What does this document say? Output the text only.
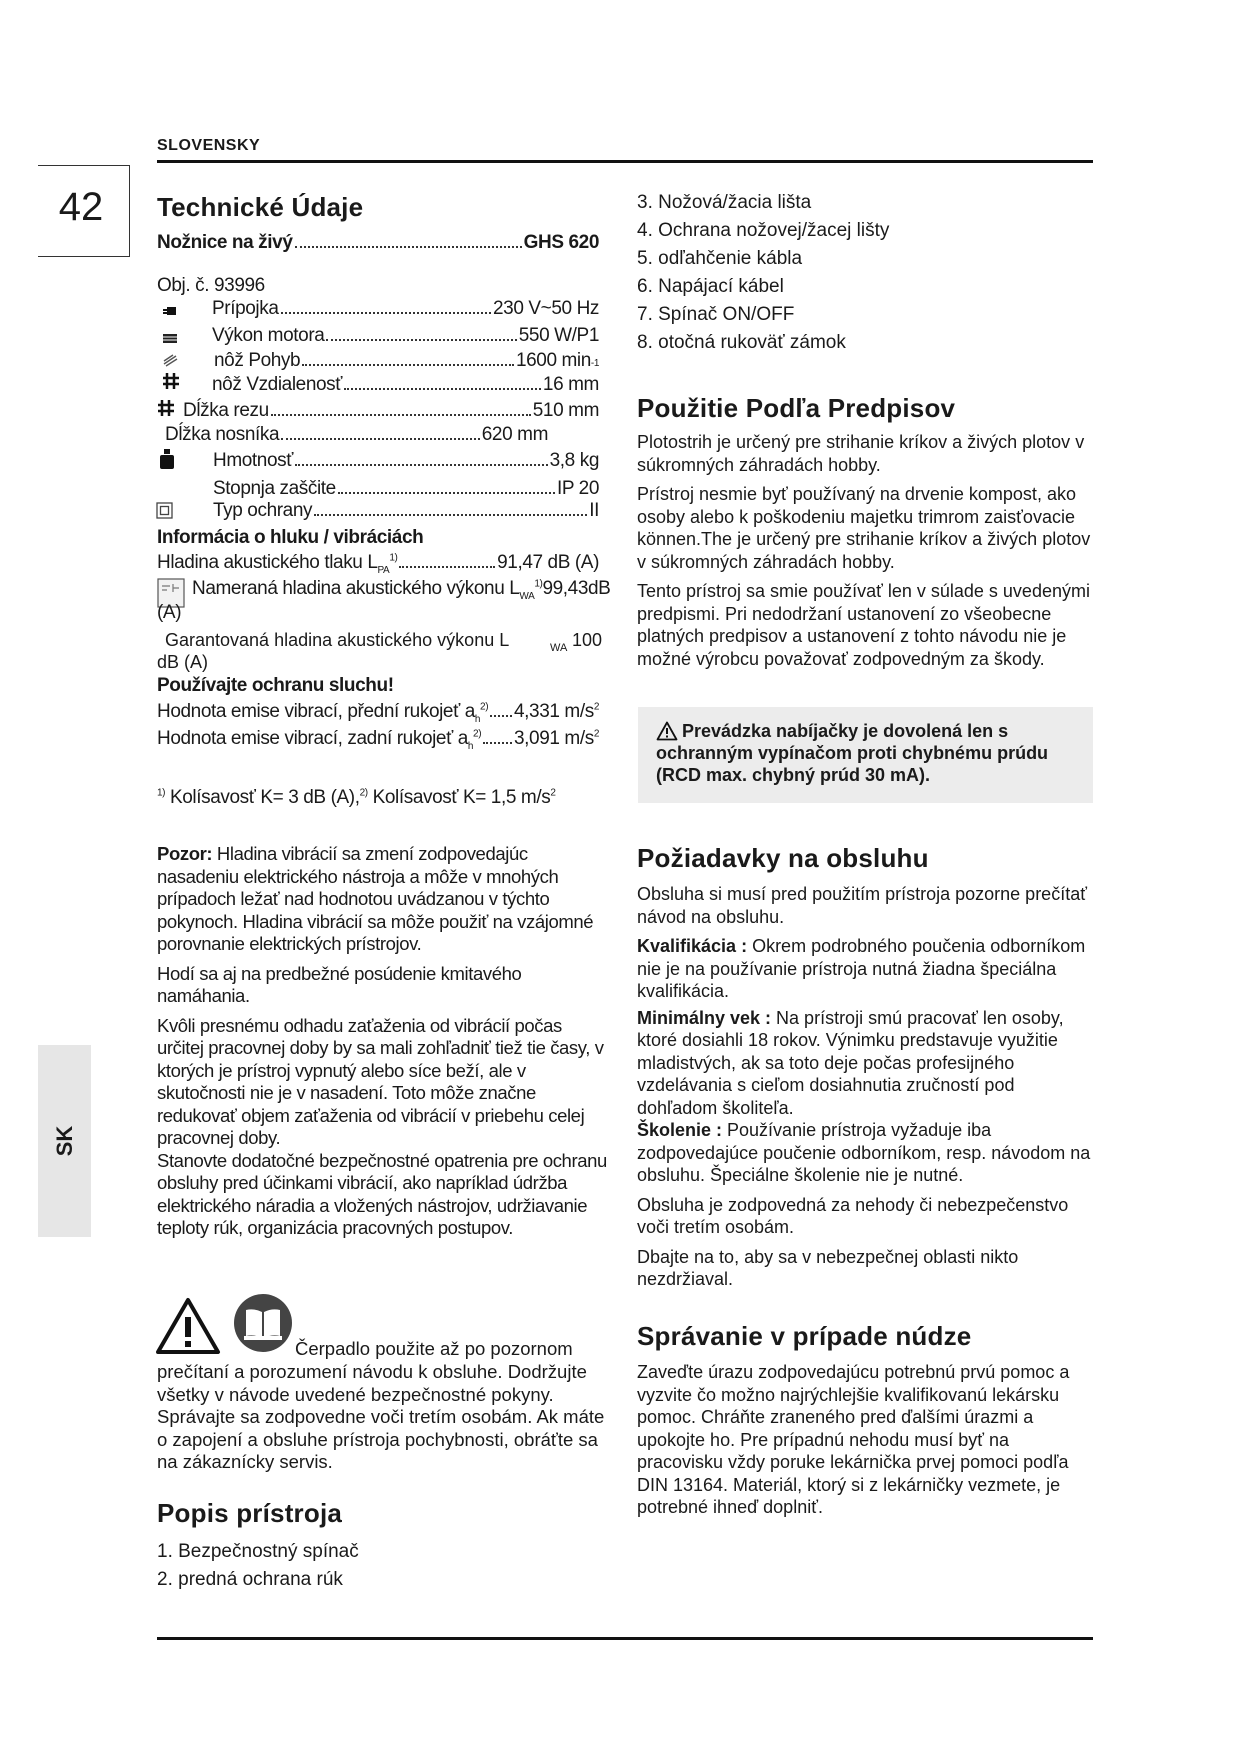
SLOVENSKY
42
SK
Technické Údaje
Nožnice na živý	GHS 620
Obj. č. 93996
Prípojka	230 V~50 Hz
Výkon motora	550 W/P1
nôž Pohyb	1600 min -1
nôž Vzdialenosť	16 mm
Dĺžka rezu	510 mm
Dĺžka nosníka	620 mm
Hmotnosť	3,8 kg
Stopnja zaščite	IP 20
Typ ochrany	II
Informácia o hluku / vibráciách
Hladina akustického tlaku $L_{PA}^{1)}$	91,47 dB (A)
Nameraná hladina akustického výkonu $L_{WA}^{1)}99,43dB$
(A)
Garantovaná hladina akustického výkonu L	WA 100
dB (A)
Používajte ochranu sluchu!
Hodnota emise vibrací, přední rukojeť $a_h^{2)}$ 4,331 $m/s^2$
Hodnota emise vibrací, zadní rukojeť $a_h^{2)}$ 3,091 $m/s^2$
$^{1)}$ Kolísavosť K= 3 dB (A),$^{2)}$ Kolísavosť K= 1,5 $m/s^2$

Pozor: Hladina vibrácií sa zmení zodpovedajúc nasadeniu elektrického nástroja a môže v mnohých prípadoch ležať nad hodnotou uvádzanou v týchto pokynoch. Hladina vibrácií sa môže použiť na vzájomné porovnanie elektrických prístrojov.

Hodí sa aj na predbežné posúdenie kmitavého namáhania.

Kvôli presnému odhadu zaťaženia od vibrácií počas určitej pracovnej doby by sa mali zohľadniť tiež tie časy, v ktorých je prístroj vypnutý alebo síce beží, ale v skutočnosti nie je v nasadení. Toto môže značne redukovať objem zaťaženia od vibrácií v priebehu celej pracovnej doby.

Stanovte dodatočné bezpečnostné opatrenia pre ochranu obsluhy pred účinkami vibrácií, ako napríklad údržba elektrického náradia a vložených nástrojov, udržiavanie teploty rúk, organizácia pracovných postupov.

Čerpadlo použite až po pozornom
prečítaní a porozumení návodu k obsluhe. Dodržujte všetky v návode uvedené bezpečnostné pokyny. Správajte sa zodpovedne voči tretím osobám. Ak máte o zapojení a obsluhe prístroja pochybnosti, obráťte sa na zákaznícky servis.
Popis prístroja
1. Bezpečnostný spínač
2. predná ochrana rúk
3. Nožová/žacia lišta
4. Ochrana nožovej/žacej lišty
5. odľahčenie kábla
6. Napájací kábel
7. Spínač ON/OFF
8. otočná rukoväť zámok
Použitie Podľa Predpisov

Plotostrih je určený pre strihanie kríkov a živých plotov v súkromných záhradách hobby.

Prístroj nesmie byť používaný na drvenie kompost, ako osoby alebo k poškodeniu majetku trimrom zaisťovacie können.The je určený pre strihanie kríkov a živých plotov v súkromných záhradách hobby.

Tento prístroj sa smie používať len v súlade s uvedenými predpismi. Pri nedodržaní ustanovení zo všeobecne platných predpisov a ustanovení z tohto návodu nie je možné výrobcu považovať zodpovedným za škody.

Prevádzka nabíjačky je dovolená len s ochranným vypínačom proti chybnému prúdu (RCD max. chybný prúd 30 mA).
Požiadavky na obsluhu

Obsluha si musí pred použitím prístroja pozorne prečítať návod na obsluhu.

Kvalifikácia : Okrem podrobného poučenia odborníkom nie je na používanie prístroja nutná žiadna špeciálna kvalifikácia.

Minimálny vek : Na prístroji smú pracovať len osoby, ktoré dosiahli 18 rokov. Výnimku predstavuje využitie mladistvých, ak sa toto deje počas profesijného vzdelávania s cieľom dosiahnutia zručností pod dohľadom školiteľa.

Školenie : Používanie prístroja vyžaduje iba zodpovedajúce poučenie odborníkom, resp. návodom na obsluhu. Špeciálne školenie nie je nutné.

Obsluha je zodpovedná za nehody či nebezpečenstvo voči tretím osobám.

Dbajte na to, aby sa v nebezpečnej oblasti nikto nezdržiaval.

Správanie v prípade núdze
Zaveďte úrazu zodpovedajúcu potrebnú prvú pomoc a vyzvite čo možno najrýchlejšie kvalifikovanú lekársku pomoc. Chráňte zraneného pred ďalšími úrazmi a upokojte ho. Pre prípadnú nehodu musí byť na pracovisku vždy poruke lekárnička prvej pomoci podľa DIN 13164. Materiál, ktorý si z lekárničky vezmete, je potrebné ihneď doplniť.
